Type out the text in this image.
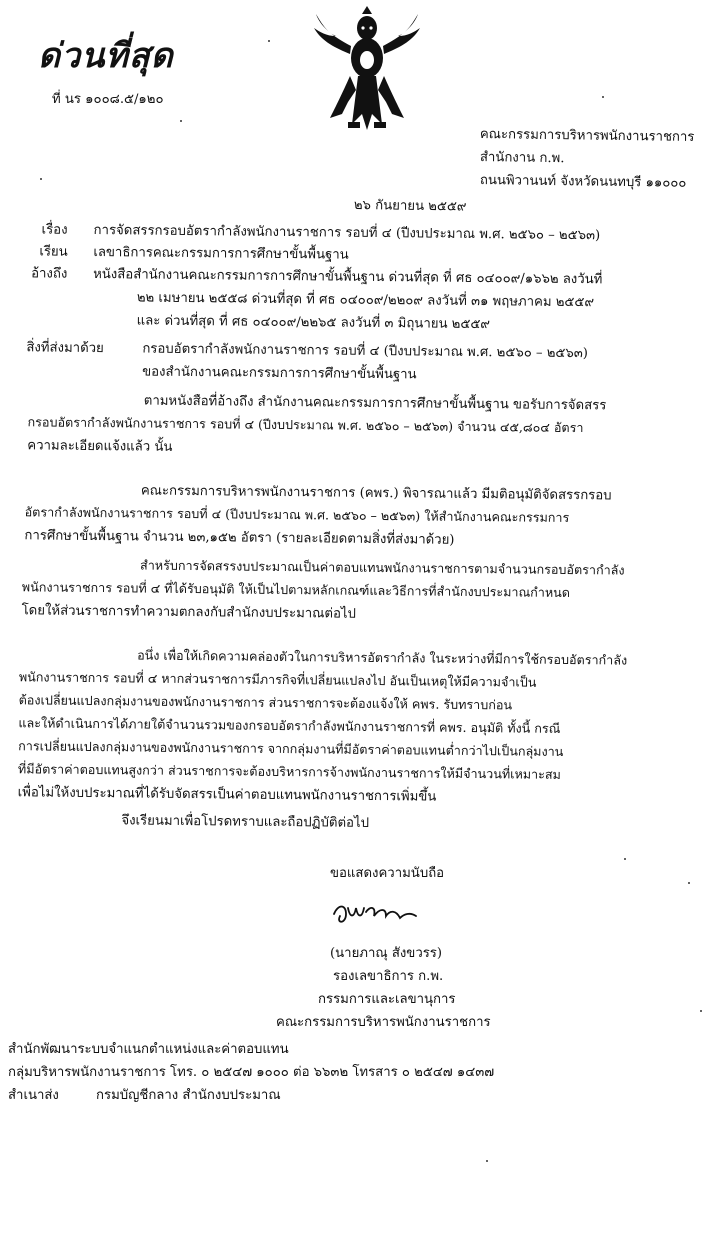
ด่วนที่สุด
ที่ นร ๑๐๐๘.๕/๑๒๐
คณะกรรมการบริหารพนักงานราชการ
สำนักงาน ก.พ.
ถนนพิวานนท์ จังหวัดนนทบุรี ๑๑๐๐๐
๒๖ กันยายน ๒๕๕๙
เรื่อง การจัดสรรกรอบอัตรากำลังพนักงานราชการ รอบที่ ๔ (ปีงบประมาณ พ.ศ. ๒๕๖๐ – ๒๕๖๓)
เรียน เลขาธิการคณะกรรมการการศึกษาขั้นพื้นฐาน
อ้างถึง หนังสือสำนักงานคณะกรรมการการศึกษาขั้นพื้นฐาน ด่วนที่สุด ที่ ศธ ๐๔๐๐๙/๑๖๖๒ ลงวันที่
๒๒ เมษายน ๒๕๕๘ ด่วนที่สุด ที่ ศธ ๐๔๐๐๙/๒๒๐๙ ลงวันที่ ๓๑ พฤษภาคม ๒๕๕๙
และ ด่วนที่สุด ที่ ศธ ๐๔๐๐๙/๒๒๖๕ ลงวันที่ ๓ มิถุนายน ๒๕๕๙
สิ่งที่ส่งมาด้วย	กรอบอัตรากำลังพนักงานราชการ รอบที่ ๔ (ปีงบประมาณ พ.ศ. ๒๕๖๐ – ๒๕๖๓)
ของสำนักงานคณะกรรมการการศึกษาขั้นพื้นฐาน
ตามหนังสือที่อ้างถึง สำนักงานคณะกรรมการการศึกษาขั้นพื้นฐาน ขอรับการจัดสรร
กรอบอัตรากำลังพนักงานราชการ รอบที่ ๔ (ปีงบประมาณ พ.ศ. ๒๕๖๐ – ๒๕๖๓) จำนวน ๔๕,๘๐๔ อัตรา
ความละเอียดแจ้งแล้ว นั้น
คณะกรรมการบริหารพนักงานราชการ (คพร.) พิจารณาแล้ว มีมติอนุมัติจัดสรรกรอบ
อัตรากำลังพนักงานราชการ รอบที่ ๔ (ปีงบประมาณ พ.ศ. ๒๕๖๐ – ๒๕๖๓) ให้สำนักงานคณะกรรมการ
การศึกษาขั้นพื้นฐาน จำนวน ๒๓,๑๕๒ อัตรา (รายละเอียดตามสิ่งที่ส่งมาด้วย)
สำหรับการจัดสรรงบประมาณเป็นค่าตอบแทนพนักงานราชการตามจำนวนกรอบอัตรากำลัง
พนักงานราชการ รอบที่ ๔ ที่ได้รับอนุมัติ ให้เป็นไปตามหลักเกณฑ์และวิธีการที่สำนักงบประมาณกำหนด
โดยให้ส่วนราชการทำความตกลงกับสำนักงบประมาณต่อไป
อนึ่ง เพื่อให้เกิดความคล่องตัวในการบริหารอัตรากำลัง ในระหว่างที่มีการใช้กรอบอัตรากำลัง
พนักงานราชการ รอบที่ ๔ หากส่วนราชการมีภารกิจที่เปลี่ยนแปลงไป อันเป็นเหตุให้มีความจำเป็น
ต้องเปลี่ยนแปลงกลุ่มงานของพนักงานราชการ ส่วนราชการจะต้องแจ้งให้ คพร. รับทราบก่อน
และให้ดำเนินการได้ภายใต้จำนวนรวมของกรอบอัตรากำลังพนักงานราชการที่ คพร. อนุมัติ ทั้งนี้ กรณี
การเปลี่ยนแปลงกลุ่มงานของพนักงานราชการ จากกลุ่มงานที่มีอัตราค่าตอบแทนต่ำกว่าไปเป็นกลุ่มงาน
ที่มีอัตราค่าตอบแทนสูงกว่า ส่วนราชการจะต้องบริหารการจ้างพนักงานราชการให้มีจำนวนที่เหมาะสม
เพื่อไม่ให้งบประมาณที่ได้รับจัดสรรเป็นค่าตอบแทนพนักงานราชการเพิ่มขึ้น
จึงเรียนมาเพื่อโปรดทราบและถือปฏิบัติต่อไป
ขอแสดงความนับถือ
(นายภาณุ สังขวรร)
รองเลขาธิการ ก.พ.
กรรมการและเลขานุการ
คณะกรรมการบริหารพนักงานราชการ
สำนักพัฒนาระบบจำแนกตำแหน่งและค่าตอบแทน
กลุ่มบริหารพนักงานราชการ โทร. ๐ ๒๕๔๗ ๑๐๐๐ ต่อ ๖๖๓๒ โทรสาร ๐ ๒๕๔๗ ๑๔๓๗
สำเนาส่ง	กรมบัญชีกลาง สำนักงบประมาณ
